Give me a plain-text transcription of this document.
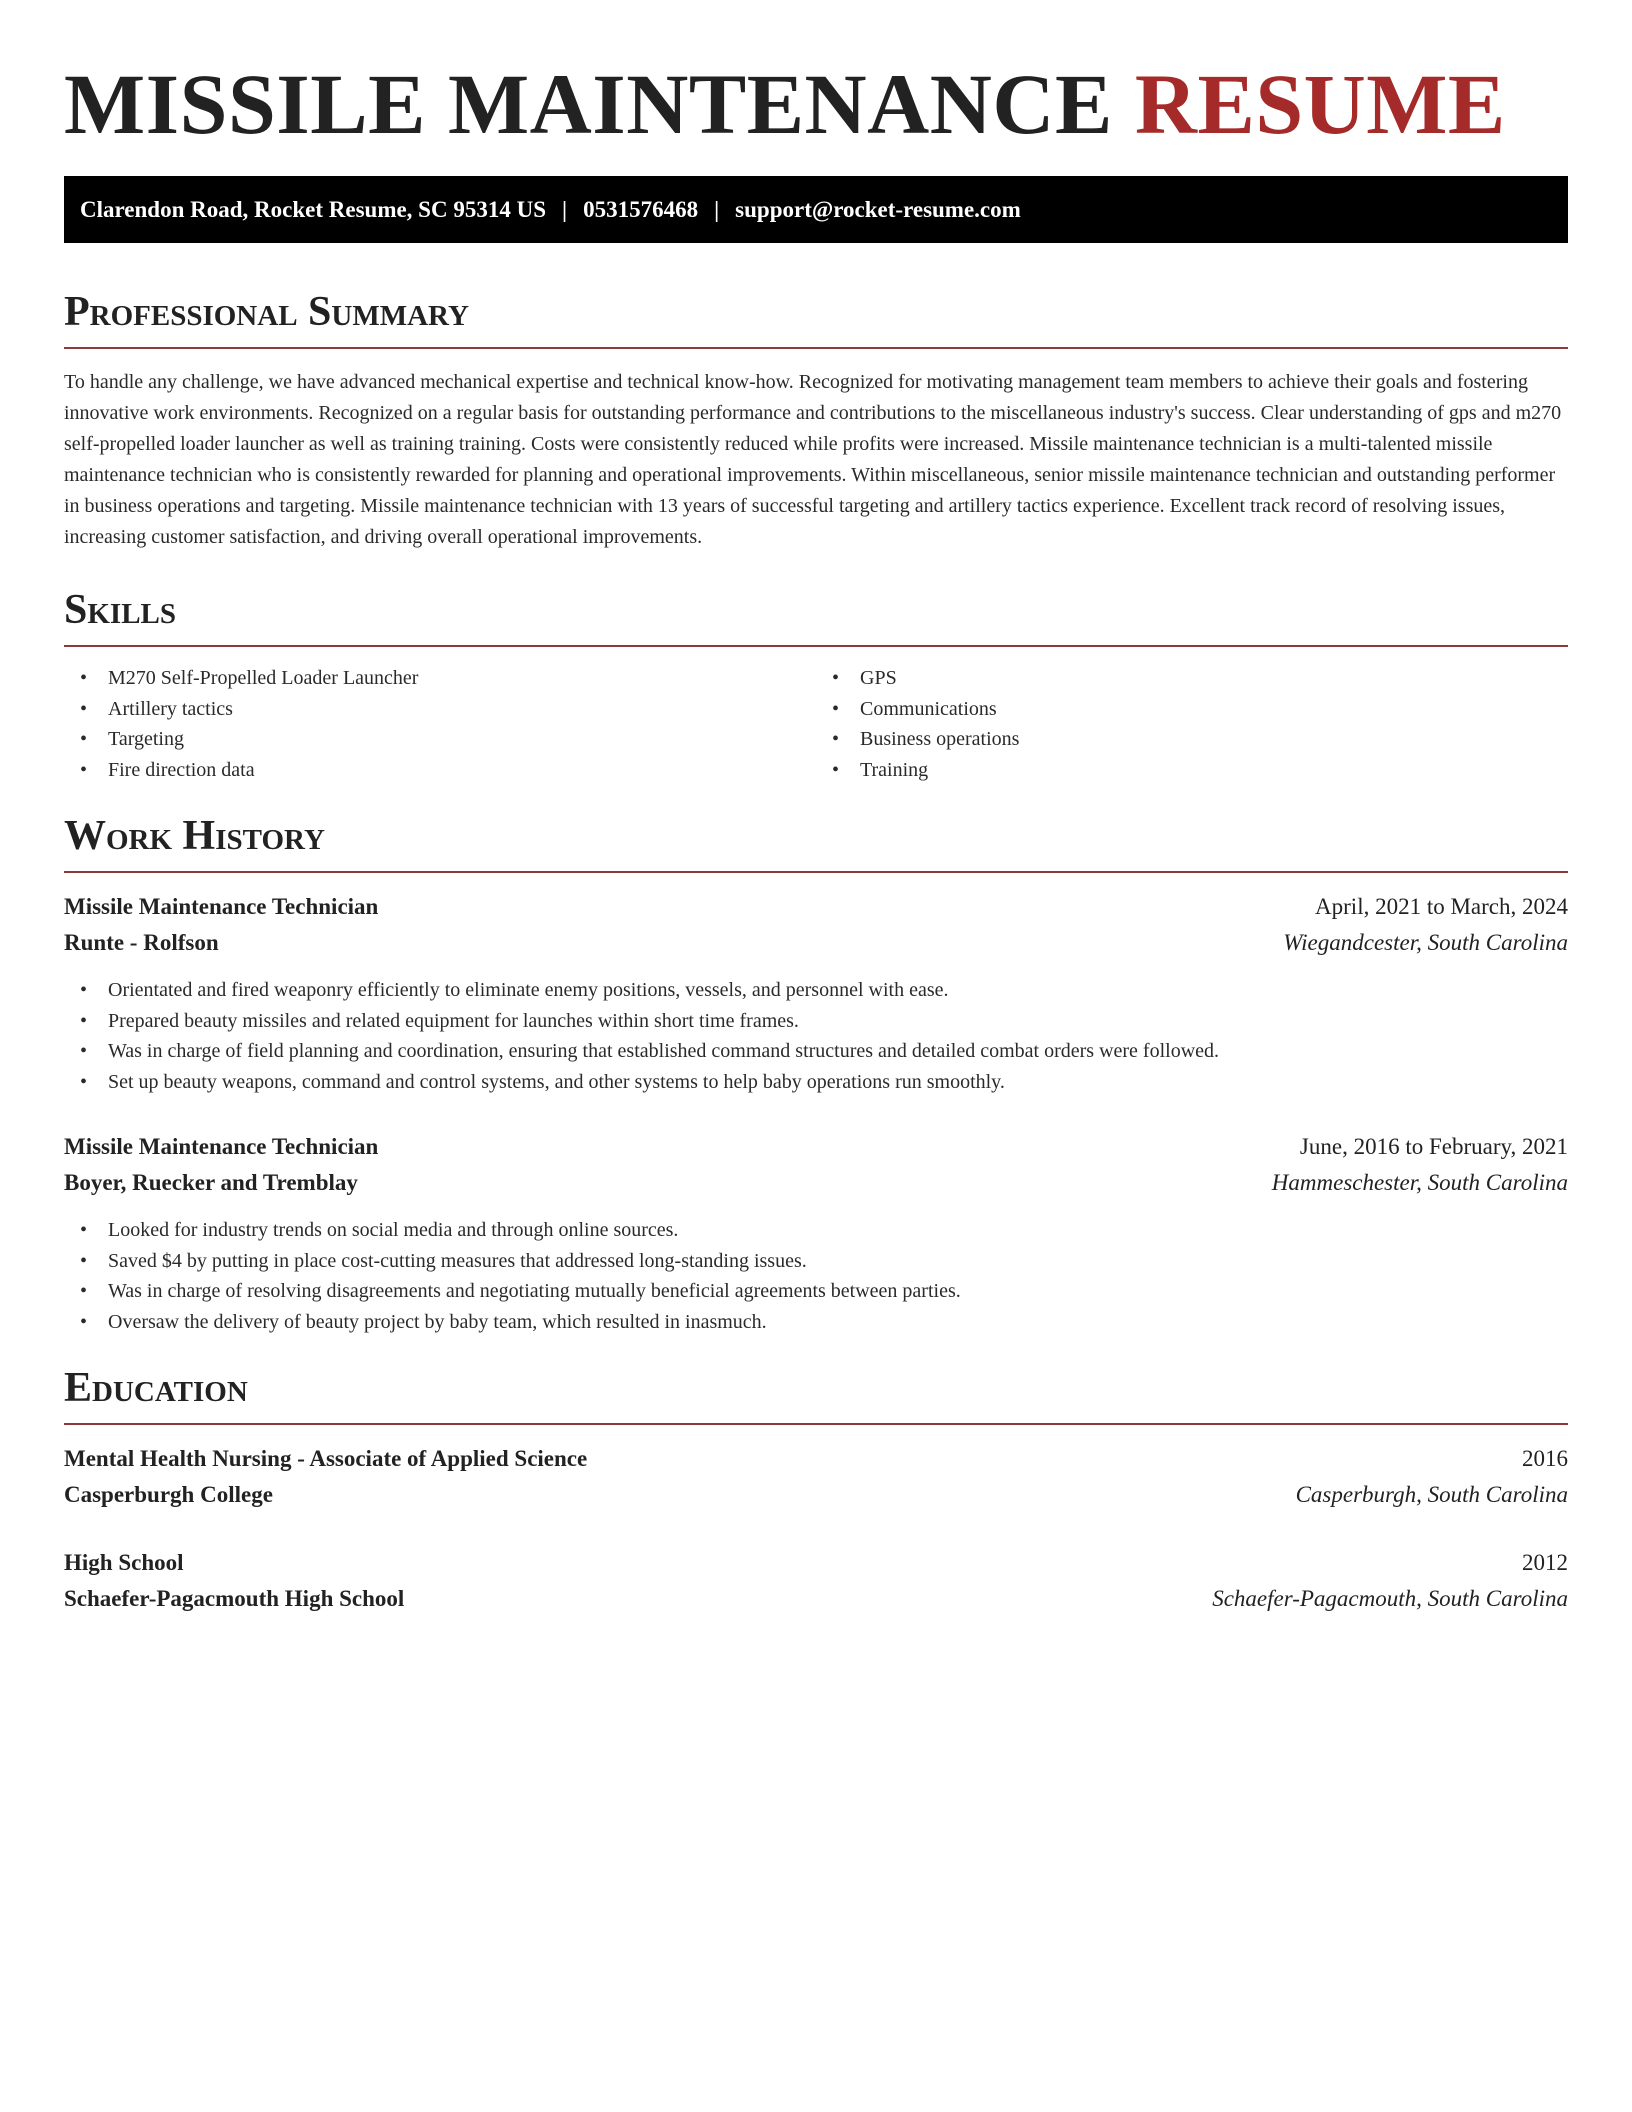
MISSILE MAINTENANCE RESUME
Clarendon Road, Rocket Resume, SC 95314 US | 0531576468 | support@rocket-resume.com
Professional Summary

To handle any challenge, we have advanced mechanical expertise and technical know-how. Recognized for motivating management team members to achieve their goals and fostering innovative work environments. Recognized on a regular basis for outstanding performance and contributions to the miscellaneous industry's success. Clear understanding of gps and m270 self-propelled loader launcher as well as training training. Costs were consistently reduced while profits were increased. Missile maintenance technician is a multi-talented missile maintenance technician who is consistently rewarded for planning and operational improvements. Within miscellaneous, senior missile maintenance technician and outstanding performer in business operations and targeting. Missile maintenance technician with 13 years of successful targeting and artillery tactics experience. Excellent track record of resolving issues, increasing customer satisfaction, and driving overall operational improvements.

Skills
• M270 Self-Propelled Loader Launcher
• Artillery tactics
• Targeting
• Fire direction data
• GPS
• Communications
• Business operations
• Training
Work History
Missile Maintenance Technician	April, 2021 to March, 2024
Runte - Rolfson	Wiegandcester, South Carolina
• Orientated and fired weaponry efficiently to eliminate enemy positions, vessels, and personnel with ease.
• Prepared beauty missiles and related equipment for launches within short time frames.
• Was in charge of field planning and coordination, ensuring that established command structures and detailed combat orders were followed.
• Set up beauty weapons, command and control systems, and other systems to help baby operations run smoothly.
Missile Maintenance Technician	June, 2016 to February, 2021
Boyer, Ruecker and Tremblay	Hammeschester, South Carolina
• Looked for industry trends on social media and through online sources.
• Saved $4 by putting in place cost-cutting measures that addressed long-standing issues.
• Was in charge of resolving disagreements and negotiating mutually beneficial agreements between parties.
• Oversaw the delivery of beauty project by baby team, which resulted in inasmuch.
Education
Mental Health Nursing - Associate of Applied Science	2016
Casperburgh College	Casperburgh, South Carolina
High School	2012
Schaefer-Pagacmouth High School	Schaefer-Pagacmouth, South Carolina
